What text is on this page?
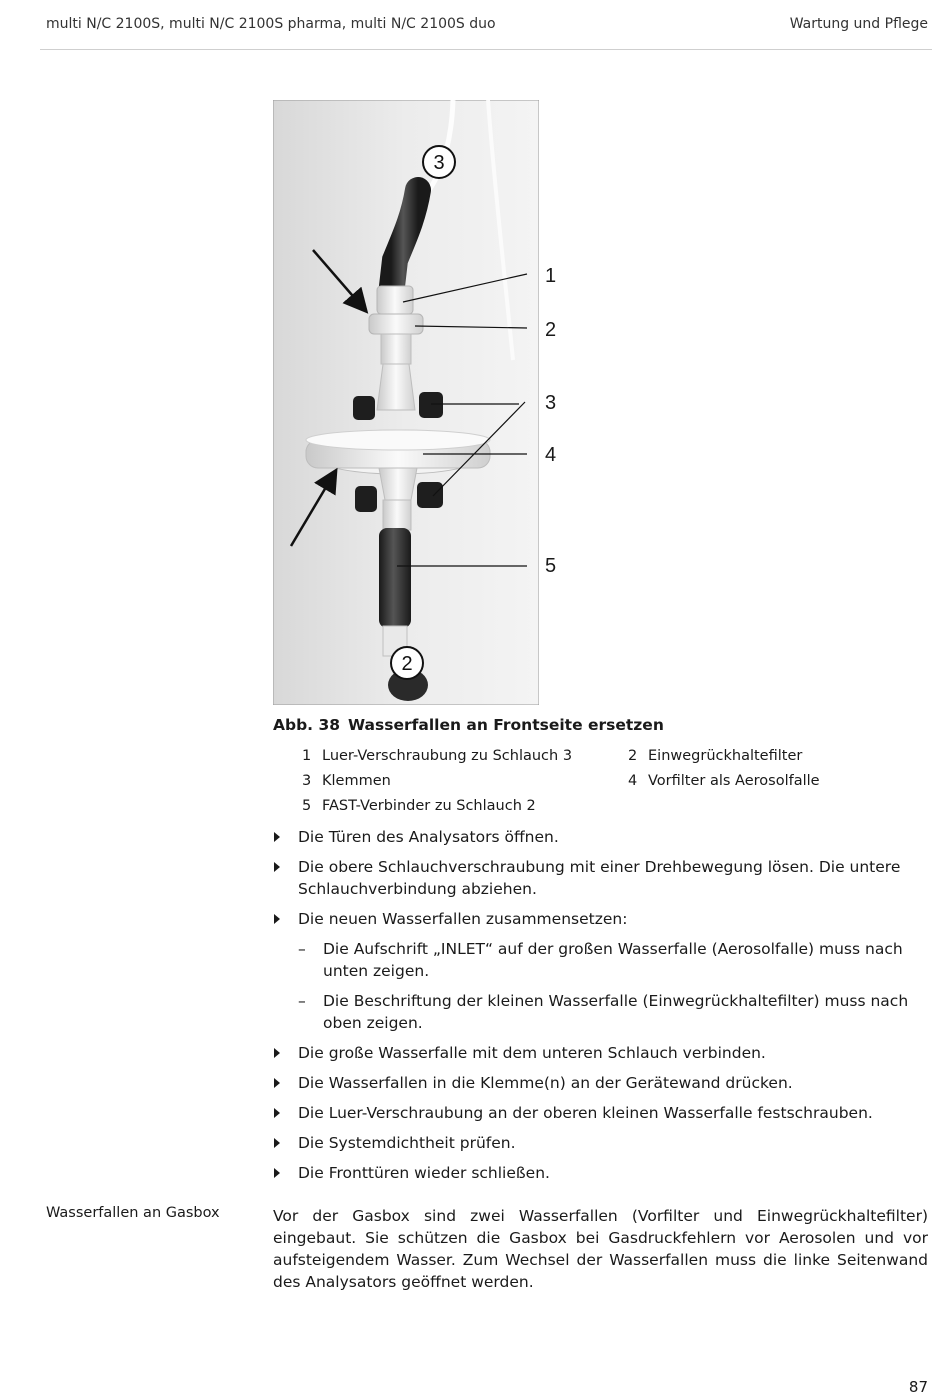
multi N/C 2100S, multi N/C 2100S pharma, multi N/C 2100S duo	Wartung und Pflege
3
2
1
2
3
4
5
Abb. 38 Wasserfallen an Frontseite ersetzen
1 Luer-Verschraubung zu Schlauch 3	2 Einwegrückhaltefilter
3 Klemmen	4 Vorfilter als Aerosolfalle
5 FAST-Verbinder zu Schlauch 2
Die Türen des Analysators öffnen.
Die obere Schlauchverschraubung mit einer Drehbewegung lösen. Die untere Schlauchverbindung abziehen.
Die neuen Wasserfallen zusammensetzen:
– Die Aufschrift „INLET“ auf der großen Wasserfalle (Aerosolfalle) muss nach unten zeigen.
– Die Beschriftung der kleinen Wasserfalle (Einwegrückhaltefilter) muss nach oben zeigen.
Die große Wasserfalle mit dem unteren Schlauch verbinden.
Die Wasserfallen in die Klemme(n) an der Gerätewand drücken.
Die Luer-Verschraubung an der oberen kleinen Wasserfalle festschrauben.
Die Systemdichtheit prüfen.
Die Fronttüren wieder schließen.
Wasserfallen an Gasbox	Vor der Gasbox sind zwei Wasserfallen (Vorfilter und Einwegrückhaltefilter) eingebaut. Sie schützen die Gasbox bei Gasdruckfehlern vor Aerosolen und vor aufsteigendem Wasser. Zum Wechsel der Wasserfallen muss die linke Seitenwand des Analysators geöffnet werden.
87
